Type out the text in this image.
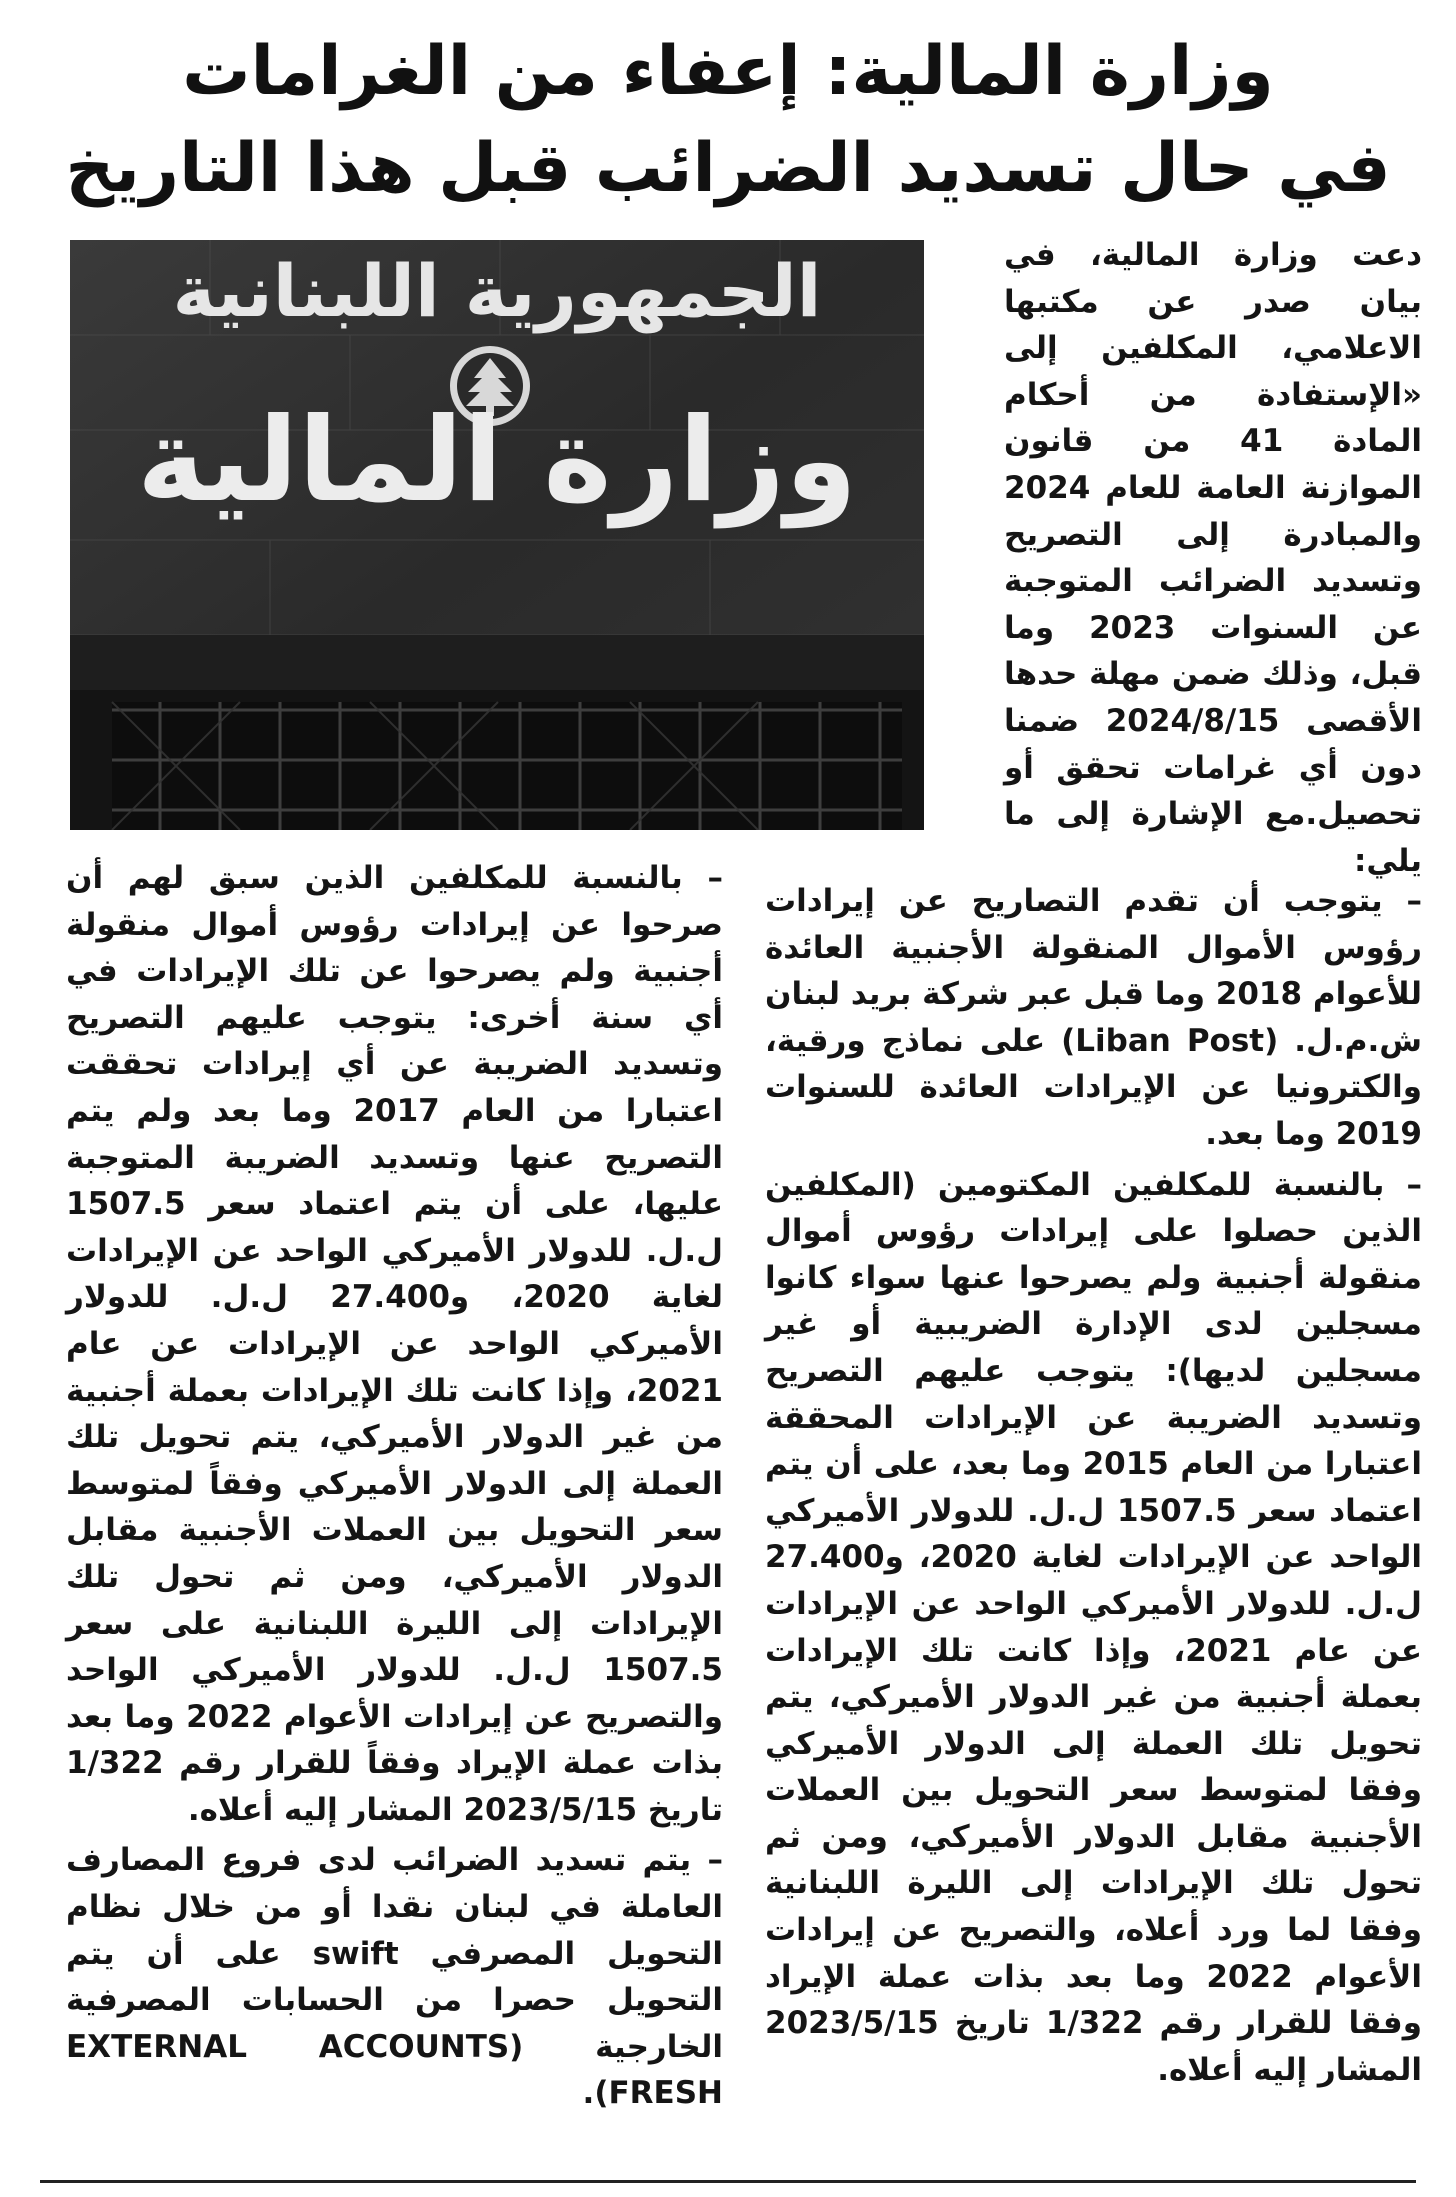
وزارة المالية: إعفاء من الغرامات
في حال تسديد الضرائب قبل هذا التاريخ
الجمهورية اللبنانية
وزارة المالية

دعت وزارة المالية، في بيان صدر عن مكتبها الاعلامي، المكلفين إلى «الإستفادة من أحكام المادة 41 من قانون الموازنة العامة للعام 2024 والمبادرة إلى التصريح وتسديد الضرائب المتوجبة عن السنوات 2023 وما قبل، وذلك ضمن مهلة حدها الأقصى 2024/8/15 ضمنا دون أي غرامات تحقق أو تحصيل.مع الإشارة إلى ما يلي:

– يتوجب أن تقدم التصاريح عن إيرادات رؤوس الأموال المنقولة الأجنبية العائدة للأعوام 2018 وما قبل عبر شركة بريد لبنان ش.م.ل. (Liban Post) على نماذج ورقية، والكترونيا عن الإيرادات العائدة للسنوات 2019 وما بعد.

– بالنسبة للمكلفين المكتومين (المكلفين الذين حصلوا على إيرادات رؤوس أموال منقولة أجنبية ولم يصرحوا عنها سواء كانوا مسجلين لدى الإدارة الضريبية أو غير مسجلين لديها): يتوجب عليهم التصريح وتسديد الضريبة عن الإيرادات المحققة اعتبارا من العام 2015 وما بعد، على أن يتم اعتماد سعر 1507.5 ل.ل. للدولار الأميركي الواحد عن الإيرادات لغاية 2020، و27.400 ل.ل. للدولار الأميركي الواحد عن الإيرادات عن عام 2021، وإذا كانت تلك الإيرادات بعملة أجنبية من غير الدولار الأميركي، يتم تحويل تلك العملة إلى الدولار الأميركي وفقا لمتوسط سعر التحويل بين العملات الأجنبية مقابل الدولار الأميركي، ومن ثم تحول تلك الإيرادات إلى الليرة اللبنانية وفقا لما ورد أعلاه، والتصريح عن إيرادات الأعوام 2022 وما بعد بذات عملة الإيراد وفقا للقرار رقم 1/322 تاريخ 2023/5/15 المشار إليه أعلاه.

– بالنسبة للمكلفين الذين سبق لهم أن صرحوا عن إيرادات رؤوس أموال منقولة أجنبية ولم يصرحوا عن تلك الإيرادات في أي سنة أخرى: يتوجب عليهم التصريح وتسديد الضريبة عن أي إيرادات تحققت اعتبارا من العام 2017 وما بعد ولم يتم التصريح عنها وتسديد الضريبة المتوجبة عليها، على أن يتم اعتماد سعر 1507.5 ل.ل. للدولار الأميركي الواحد عن الإيرادات لغاية 2020، و27.400 ل.ل. للدولار الأميركي الواحد عن الإيرادات عن عام 2021، وإذا كانت تلك الإيرادات بعملة أجنبية من غير الدولار الأميركي، يتم تحويل تلك العملة إلى الدولار الأميركي وفقاً لمتوسط سعر التحويل بين العملات الأجنبية مقابل الدولار الأميركي، ومن ثم تحول تلك الإيرادات إلى الليرة اللبنانية على سعر 1507.5 ل.ل. للدولار الأميركي الواحد والتصريح عن إيرادات الأعوام 2022 وما بعد بذات عملة الإيراد وفقاً للقرار رقم 1/322 تاريخ 2023/5/15 المشار إليه أعلاه.

– يتم تسديد الضرائب لدى فروع المصارف العاملة في لبنان نقدا أو من خلال نظام التحويل المصرفي swift على أن يتم التحويل حصرا من الحسابات المصرفية الخارجية (EXTERNAL ACCOUNTS FRESH).
